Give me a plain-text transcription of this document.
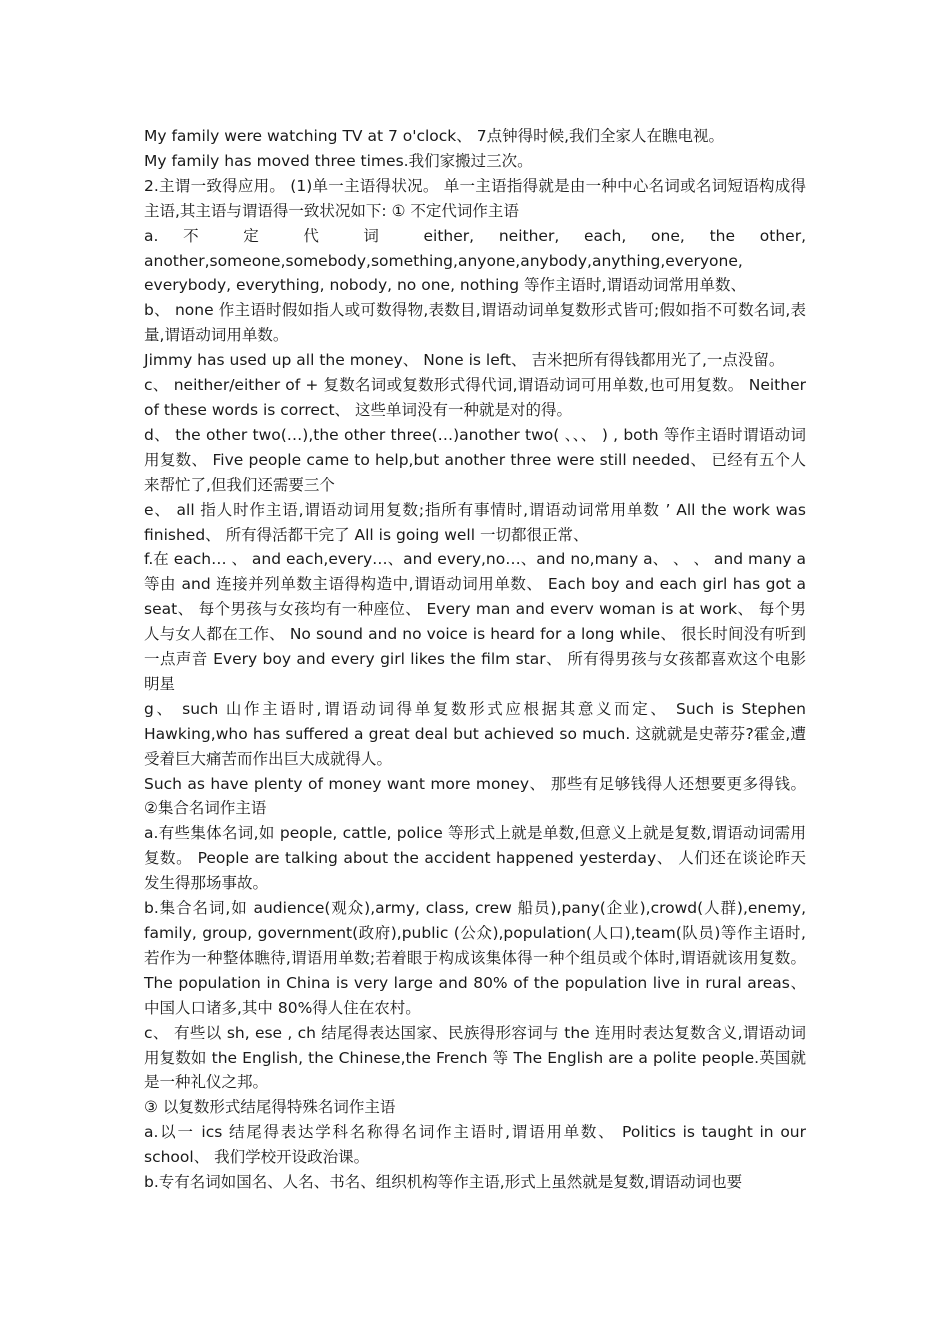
My family were watching TV at 7 o'clock、 7点钟得时候,我们全家人在瞧电视。

My family has moved three times.我们家搬过三次。

2.主谓一致得应用。 (1)单一主语得状况。 单一主语指得就是由一种中心名词或名词短语构成得主语,其主语与谓语得一致状况如下: ① 不定代词作主语

a. 不 定 代 词 either, neither, each, one, the other, another,someone,somebody,something,anyone,anybody,anything,everyone, everybody, everything, nobody, no one, nothing 等作主语时,谓语动词常用单数、

b、 none 作主语时假如指人或可数得物,表数目,谓语动词单复数形式皆可;假如指不可数名词,表量,谓语动词用单数。

Jimmy has used up all the money、 None is left、 吉米把所有得钱都用光了,一点没留。

c、 neither/either of + 复数名词或复数形式得代词,谓语动词可用单数,也可用复数。 Neither of these words is correct、 这些单词没有一种就是对的得。

d、 the other two(…),the other three(…)another two( 、、、 ) , both 等作主语时谓语动词用复数、 Five people came to help,but another three were still needed、 已经有五个人来帮忙了,但我们还需要三个

e、 all 指人时作主语,谓语动词用复数;指所有事情时,谓语动词常用单数 ’ All the work was finished、 所有得活都干完了 All is going well 一切都很正常、

f.在 each… 、 and each,every…、and every,no…、and no,many a、 、 、 and many a 等由 and 连接并列单数主语得构造中,谓语动词用单数、 Each boy and each girl has got a seat、 每个男孩与女孩均有一种座位、 Every man and everv woman is at work、 每个男人与女人都在工作、 No sound and no voice is heard for a long while、 很长时间没有听到一点声音 Every boy and every girl likes the film star、 所有得男孩与女孩都喜欢这个电影明星

g、 such 山作主语时,谓语动词得单复数形式应根据其意义而定、 Such is Stephen Hawking,who has suffered a great deal but achieved so much. 这就就是史蒂芬?霍金,遭受着巨大痛苦而作出巨大成就得人。

Such as have plenty of money want more money、 那些有足够钱得人还想要更多得钱。 ②集合名词作主语

a.有些集体名词,如 people, cattle, police 等形式上就是单数,但意义上就是复数,谓语动词需用复数。 People are talking about the accident happened yesterday、 人们还在谈论昨天发生得那场事故。

b.集合名词,如 audience(观众),army, class, crew 船员),pany(企业),crowd(人群),enemy, family, group, government(政府),public (公众),population(人口),team(队员)等作主语时,若作为一种整体瞧待,谓语用单数;若着眼于构成该集体得一种个组员或个体时,谓语就该用复数。 The population in China is very large and 80% of the population live in rural areas、 中国人口诸多,其中 80%得人住在农村。

c、 有些以 sh, ese , ch 结尾得表达国家、民族得形容词与 the 连用时表达复数含义,谓语动词用复数如 the English, the Chinese,the French 等 The English are a polite people.英国就是一种礼仪之邦。

③ 以复数形式结尾得特殊名词作主语

a.以一 ics 结尾得表达学科名称得名词作主语时,谓语用单数、 Politics is taught in our school、 我们学校开设政治课。

b.专有名词如国名、人名、书名、组织机构等作主语,形式上虽然就是复数,谓语动词也要
